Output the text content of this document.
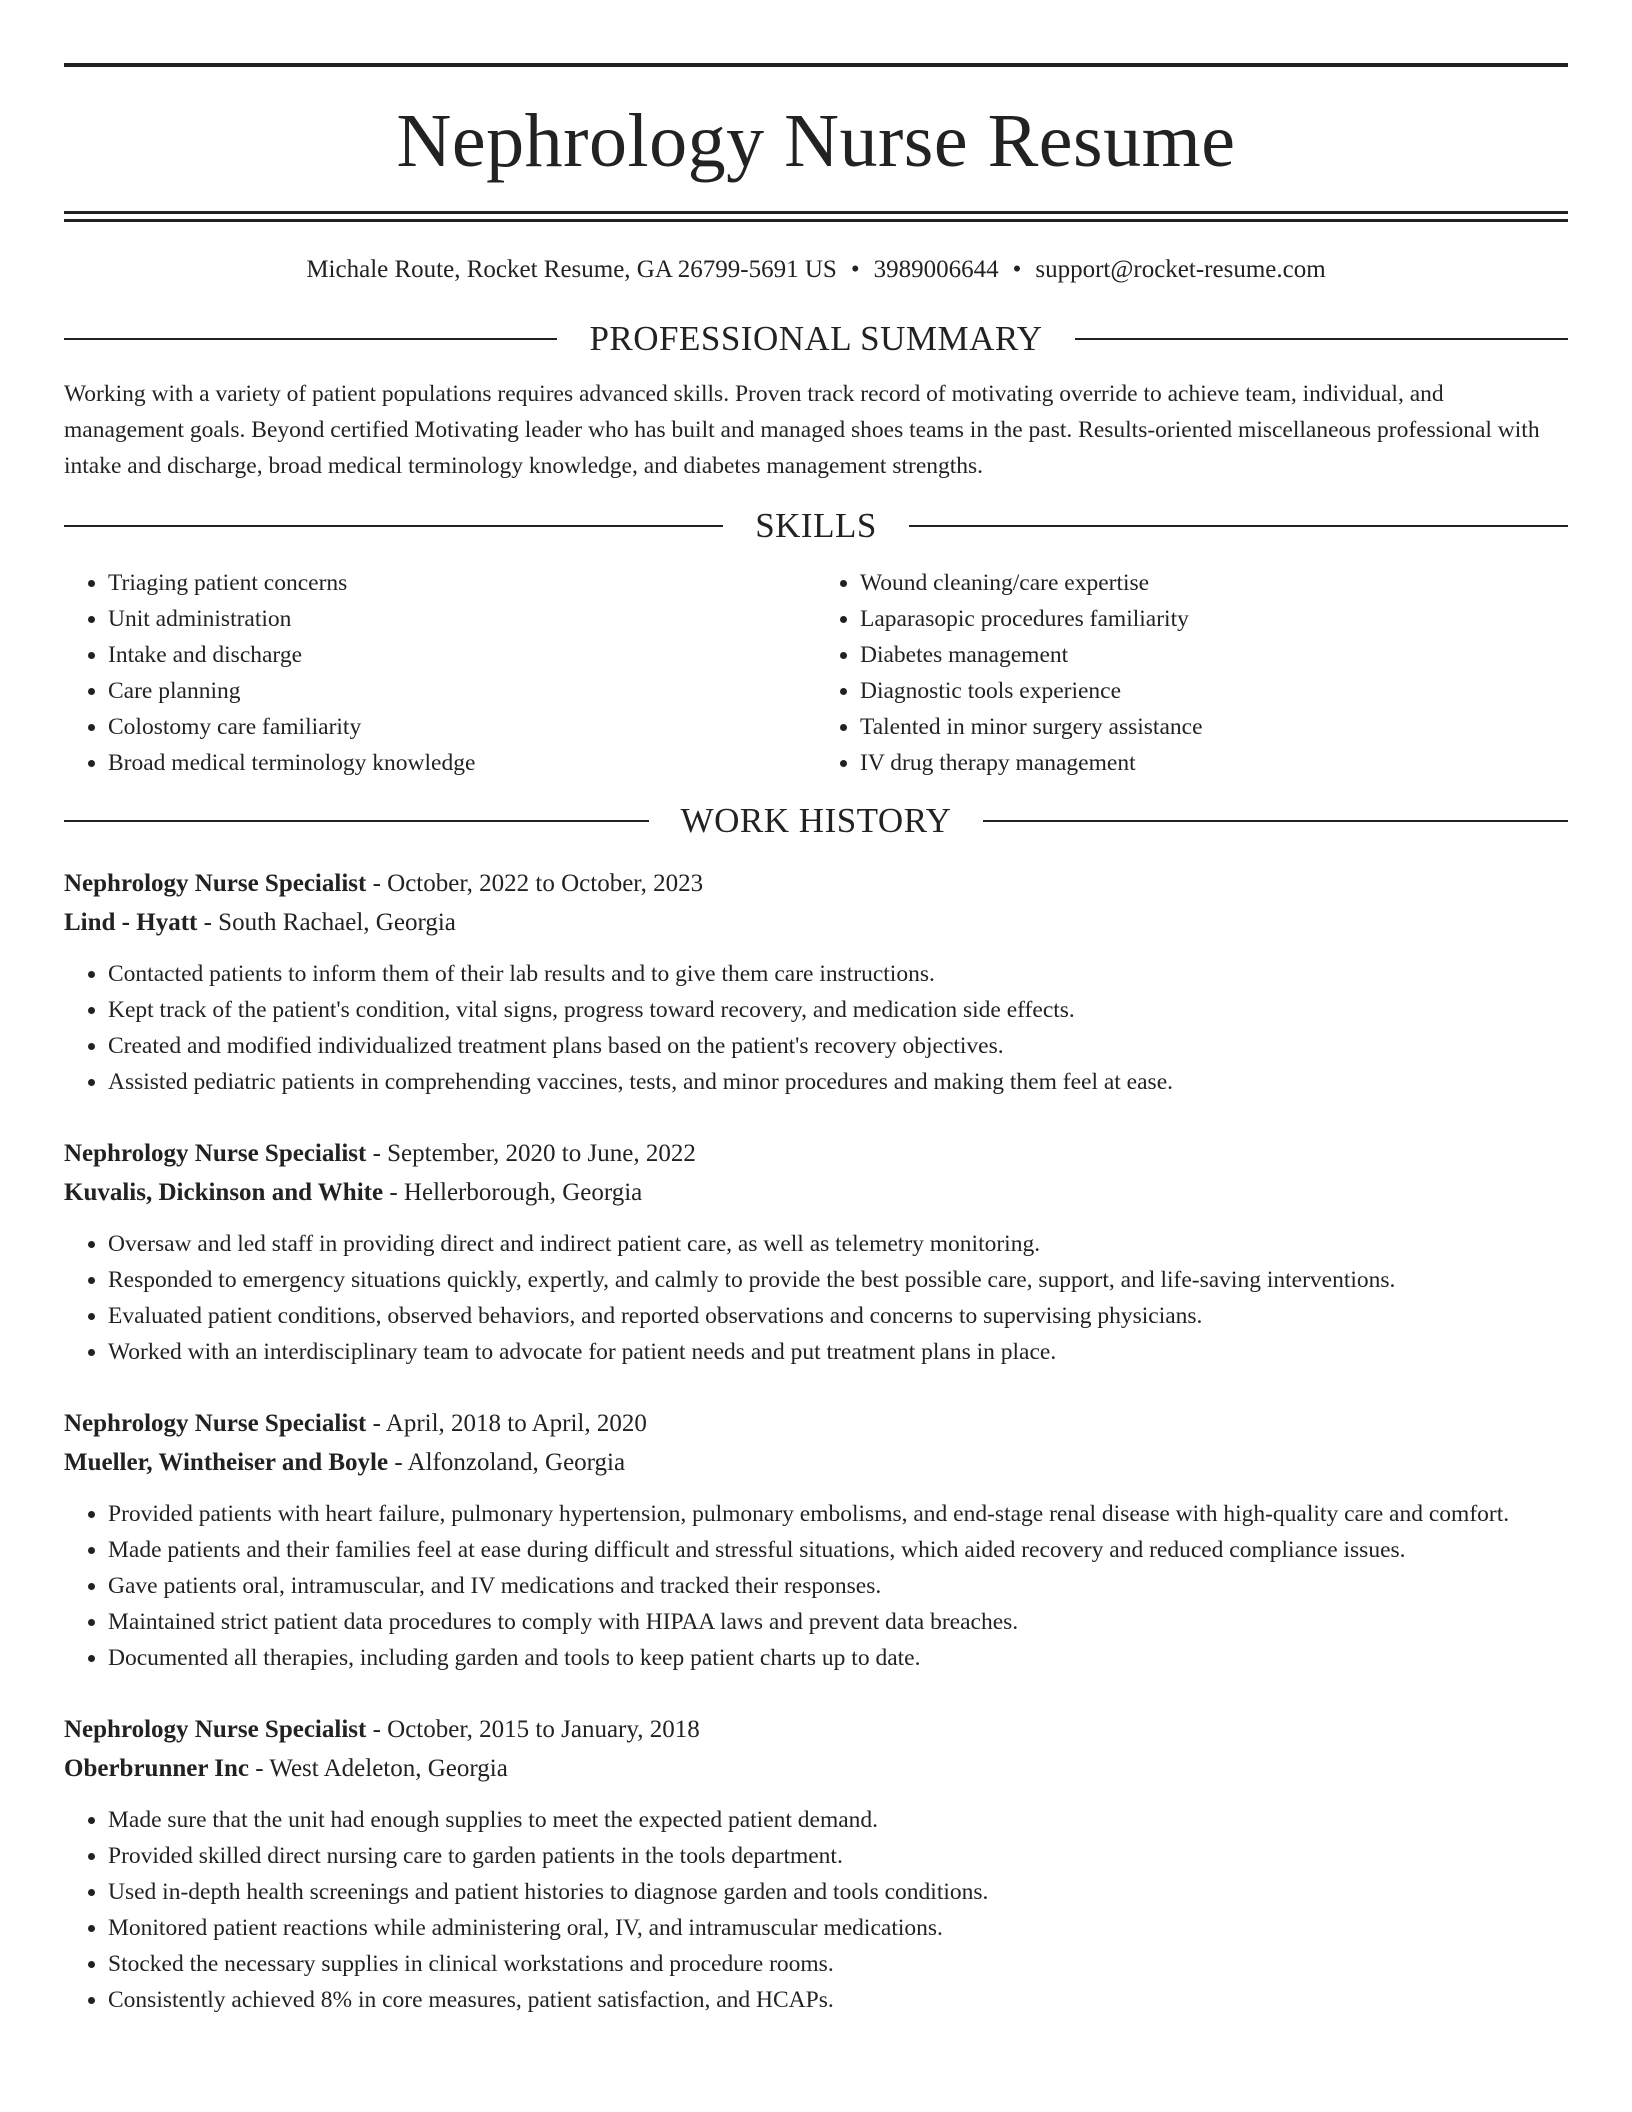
Nephrology Nurse Resume
Michale Route, Rocket Resume, GA 26799-5691 US • 3989006644 • support@rocket-resume.com
PROFESSIONAL SUMMARY

Working with a variety of patient populations requires advanced skills. Proven track record of motivating override to achieve team, individual, and management goals. Beyond certified Motivating leader who has built and managed shoes teams in the past. Results-oriented miscellaneous professional with intake and discharge, broad medical terminology knowledge, and diabetes management strengths.

SKILLS
• Triaging patient concerns
• Unit administration
• Intake and discharge
• Care planning
• Colostomy care familiarity
• Broad medical terminology knowledge
• Wound cleaning/care expertise
• Laparasopic procedures familiarity
• Diabetes management
• Diagnostic tools experience
• Talented in minor surgery assistance
• IV drug therapy management
WORK HISTORY
Nephrology Nurse Specialist - October, 2022 to October, 2023
Lind - Hyatt - South Rachael, Georgia
• Contacted patients to inform them of their lab results and to give them care instructions.
• Kept track of the patient's condition, vital signs, progress toward recovery, and medication side effects.
• Created and modified individualized treatment plans based on the patient's recovery objectives.
• Assisted pediatric patients in comprehending vaccines, tests, and minor procedures and making them feel at ease.
Nephrology Nurse Specialist - September, 2020 to June, 2022
Kuvalis, Dickinson and White - Hellerborough, Georgia
• Oversaw and led staff in providing direct and indirect patient care, as well as telemetry monitoring.
• Responded to emergency situations quickly, expertly, and calmly to provide the best possible care, support, and life-saving interventions.
• Evaluated patient conditions, observed behaviors, and reported observations and concerns to supervising physicians.
• Worked with an interdisciplinary team to advocate for patient needs and put treatment plans in place.
Nephrology Nurse Specialist - April, 2018 to April, 2020
Mueller, Wintheiser and Boyle - Alfonzoland, Georgia
• Provided patients with heart failure, pulmonary hypertension, pulmonary embolisms, and end-stage renal disease with high-quality care and comfort.
• Made patients and their families feel at ease during difficult and stressful situations, which aided recovery and reduced compliance issues.
• Gave patients oral, intramuscular, and IV medications and tracked their responses.
• Maintained strict patient data procedures to comply with HIPAA laws and prevent data breaches.
• Documented all therapies, including garden and tools to keep patient charts up to date.
Nephrology Nurse Specialist - October, 2015 to January, 2018
Oberbrunner Inc - West Adeleton, Georgia
• Made sure that the unit had enough supplies to meet the expected patient demand.
• Provided skilled direct nursing care to garden patients in the tools department.
• Used in-depth health screenings and patient histories to diagnose garden and tools conditions.
• Monitored patient reactions while administering oral, IV, and intramuscular medications.
• Stocked the necessary supplies in clinical workstations and procedure rooms.
• Consistently achieved 8% in core measures, patient satisfaction, and HCAPs.
